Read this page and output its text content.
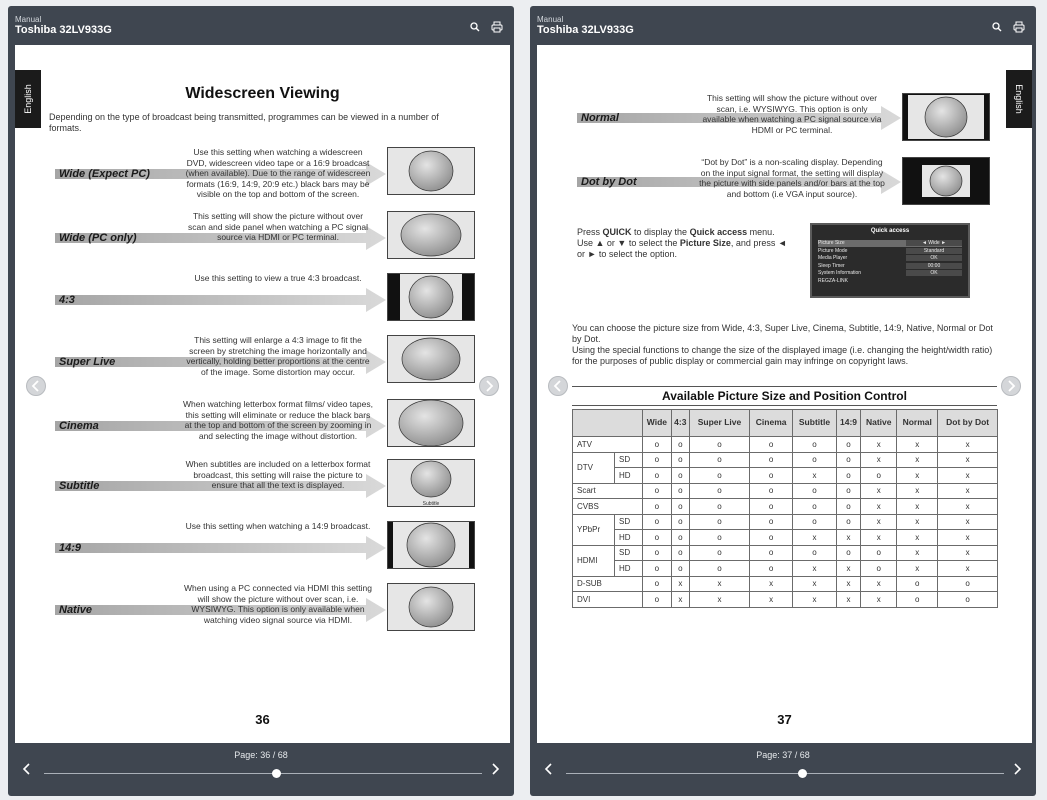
Manual
Toshiba 32LV933G
English	Widescreen Viewing
Depending on the type of broadcast being transmitted, programmes can be viewed in a number of formats.
Wide (Expect PC)
Use this setting when watching a widescreen DVD, widescreen video tape or a 16:9 broadcast (when available). Due to the range of widescreen formats (16:9, 14:9, 20:9 etc.) black bars may be visible on the top and bottom of the screen.
Wide (PC only)
This setting will show the picture without over scan and side panel when watching a PC signal source via HDMI or PC terminal.
4:3
Use this setting to view a true 4:3 broadcast.
Super Live
This setting will enlarge a 4:3 image to fit the screen by stretching the image horizontally and vertically, holding better proportions at the centre of the image. Some distortion may occur.
Cinema
When watching letterbox format films/ video tapes, this setting will eliminate or reduce the black bars at the top and bottom of the screen by zooming in and selecting the image without distortion.
Subtitle
When subtitles are included on a letterbox format broadcast, this setting will raise the picture to ensure that all the text is displayed.
Subtitle
14:9
Use this setting when watching a 14:9 broadcast.
Native
When using a PC connected via HDMI this setting will show the picture without over scan, i.e. WYSIWYG. This option is only available when watching video signal source via HDMI.
36
Page: 36 / 68
Manual
Toshiba 32LV933G
English
Normal
This setting will show the picture without over scan, i.e. WYSIWYG. This option is only available when watching a PC signal source via HDMI or PC terminal.
Dot by Dot
“Dot by Dot” is a non-scaling display. Depending on the input signal format, the setting will display the picture with side panels and/or bars at the top and bottom (i.e VGA input source).
Press QUICK to display the Quick access menu. Use ▲ or ▼ to select the Picture Size, and press ◄ or ► to select the option.
Quick access
Picture Size	◄ Wide ►
Picture Mode	Standard
Media Player	OK
Sleep Timer	00:00
System Information	OK
REGZA-LINK
You can choose the picture size from Wide, 4:3, Super Live, Cinema, Subtitle, 14:9, Native, Normal or Dot by Dot.
Using the special functions to change the size of the displayed image (i.e. changing the height/width ratio) for the purposes of public display or commercial gain may infringe on copyright laws.
Available Picture Size and Position Control
		Wide	4:3	Super Live	Cinema	Subtitle	14:9	Native	Normal	Dot by Dot
ATV		o	o	o	o	o	o	x	x	x
DTV	SD	o	o	o	o	o	o	x	x	x
	HD	o	o	o	o	x	o	o	x	x
Scart		o	o	o	o	o	o	x	x	x
CVBS		o	o	o	o	o	o	x	x	x
YPbPr	SD	o	o	o	o	o	o	x	x	x
	HD	o	o	o	o	x	x	x	x	x
HDMI	SD	o	o	o	o	o	o	o	x	x
	HD	o	o	o	o	x	x	o	x	x
D-SUB		o	x	x	x	x	x	x	o	o
DVI		o	x	x	x	x	x	x	o	o
37
Page: 37 / 68
